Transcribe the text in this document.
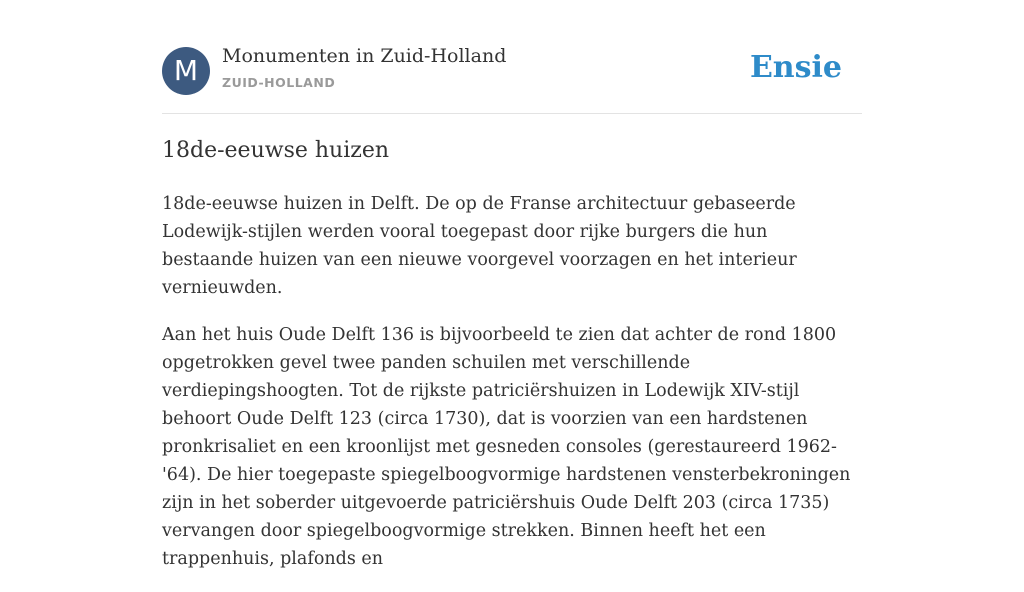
M	Monumenten in Zuid-Holland
ZUID-HOLLAND	Ensie
18de-eeuwse huizen

18de-eeuwse huizen in Delft. De op de Franse architectuur gebaseerde Lodewijk-stijlen werden vooral toegepast door rijke burgers die hun bestaande huizen van een nieuwe voorgevel voorzagen en het interieur vernieuwden.

Aan het huis Oude Delft 136 is bijvoorbeeld te zien dat achter de rond 1800 opgetrokken gevel twee panden schuilen met verschillende verdiepingshoogten. Tot de rijkste patriciërshuizen in Lodewijk XIV-stijl behoort Oude Delft 123 (circa 1730), dat is voorzien van een hardstenen pronkrisaliet en een kroonlijst met gesneden consoles (gerestaureerd 1962-'64). De hier toegepaste spiegelboogvormige hardstenen vensterbekroningen zijn in het soberder uitgevoerde patriciërshuis Oude Delft 203 (circa 1735) vervangen door spiegelboogvormige strekken. Binnen heeft het een trappenhuis, plafonds en
